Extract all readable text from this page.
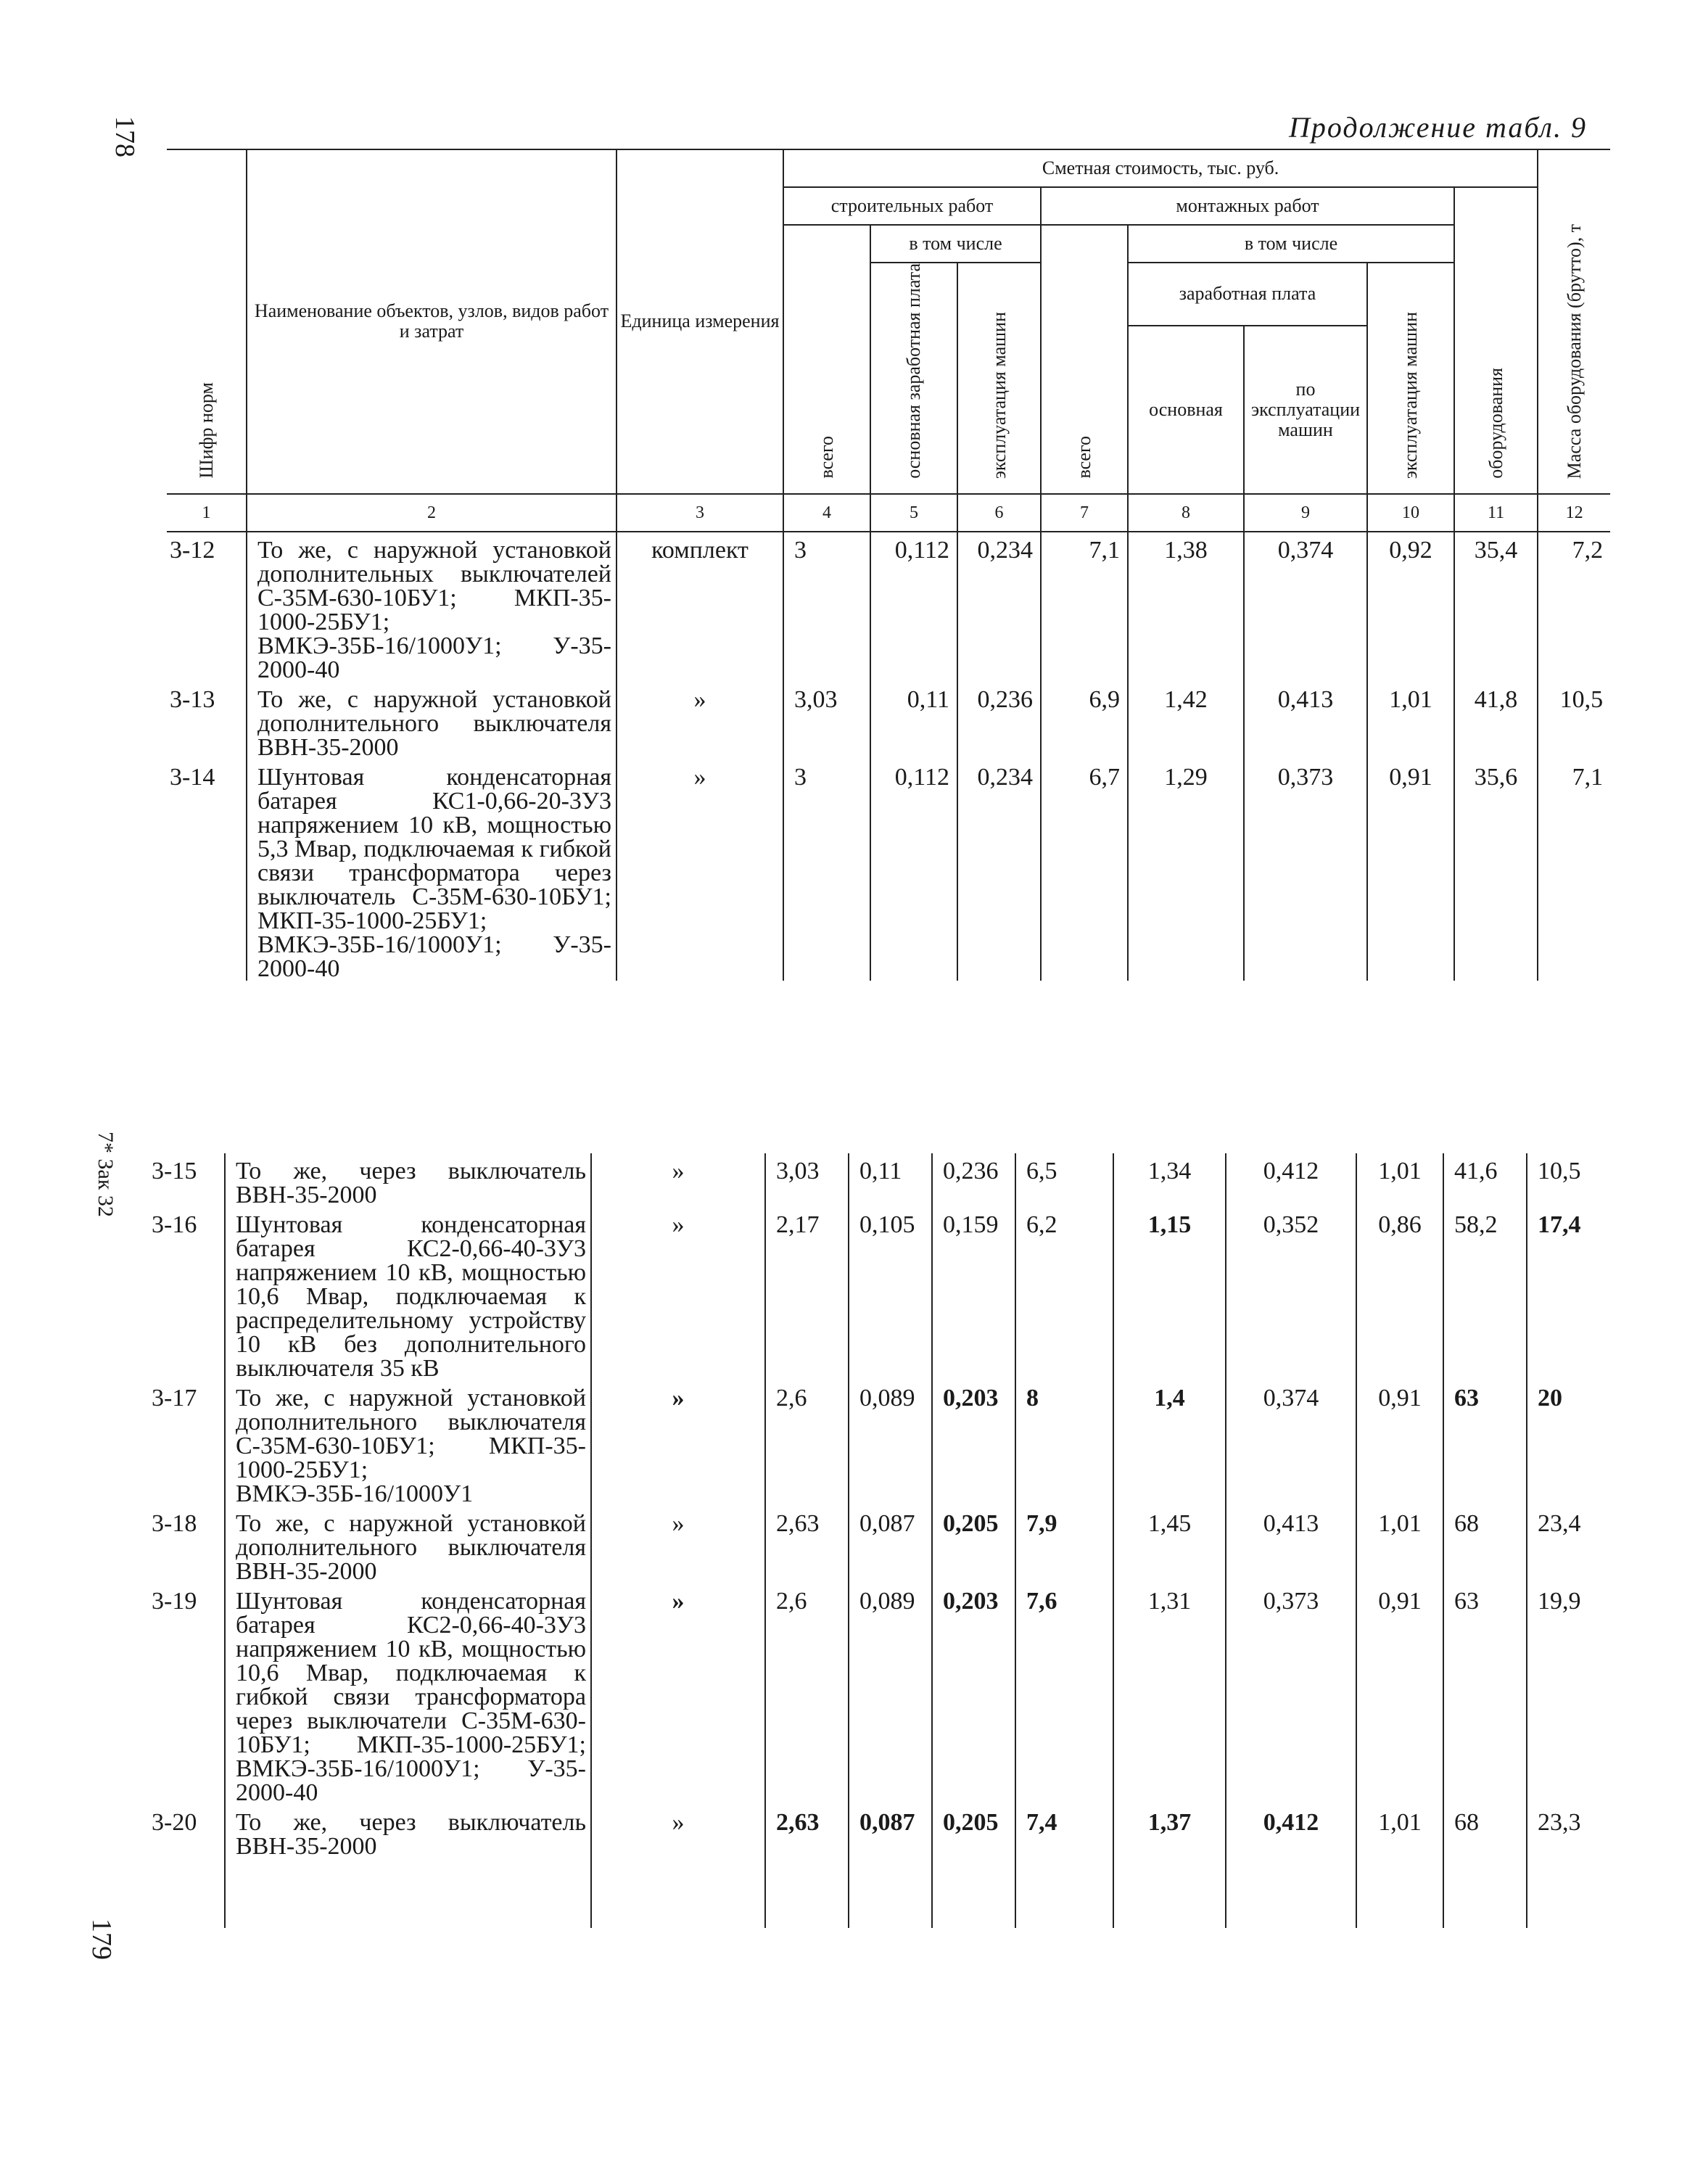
178
7* Зак 32
179
Продолжение табл. 9
Шифр норм	Наименование объектов, узлов, видов работ и затрат	Единица измерения	Сметная стоимость, тыс. руб.								Масса оборудования (брутто), т
			строительных работ			монтажных работ				оборудования	
			всего	в том числе		всего	в том числе				
				основная заработная плата	эксплуатация машин		заработная плата		эксплуатация машин		
							основная	по эксплуатации машин			
1	2	3	4	5	6	7	8	9	10	11	12
3-12	То же, с наружной установкой дополнительных выключателей С-35М-630-10БУ1; МКП-35-1000-25БУ1; ВМКЭ-35Б-16/1000У1; У-35-2000-40	комплект	3	0,112	0,234	7,1	1,38	0,374	0,92	35,4	7,2
3-13	То же, с наружной установкой дополнительного выключателя ВВН-35-2000	»	3,03	0,11	0,236	6,9	1,42	0,413	1,01	41,8	10,5
3-14	Шунтовая конденсаторная батарея КС1-0,66-20-3У3 напряжением 10 кВ, мощностью 5,3 Мвар, подключаемая к гибкой связи трансформатора через выключатель С-35М-630-10БУ1; МКП-35-1000-25БУ1; ВМКЭ-35Б-16/1000У1; У-35-2000-40	»	3	0,112	0,234	6,7	1,29	0,373	0,91	35,6	7,1
3-15	То же, через выключатель ВВН-35-2000	»	3,03	0,11	0,236	6,5	1,34	0,412	1,01	41,6	10,5
3-16	Шунтовая конденсаторная батарея КС2-0,66-40-3У3 напряжением 10 кВ, мощностью 10,6 Мвар, подключаемая к распределительному устройству 10 кВ без дополнительного выключателя 35 кВ	»	2,17	0,105	0,159	6,2	1,15	0,352	0,86	58,2	17,4
3-17	То же, с наружной установкой дополнительного выключателя С-35М-630-10БУ1; МКП-35-1000-25БУ1; ВМКЭ-35Б-16/1000У1	»	2,6	0,089	0,203	8	1,4	0,374	0,91	63	20
3-18	То же, с наружной установкой дополнительного выключателя ВВН-35-2000	»	2,63	0,087	0,205	7,9	1,45	0,413	1,01	68	23,4
3-19	Шунтовая конденсаторная батарея КС2-0,66-40-3У3 напряжением 10 кВ, мощностью 10,6 Мвар, подключаемая к гибкой связи трансформатора через выключатели С-35М-630-10БУ1; МКП-35-1000-25БУ1; ВМКЭ-35Б-16/1000У1; У-35-2000-40	»	2,6	0,089	0,203	7,6	1,31	0,373	0,91	63	19,9
3-20	То же, через выключатель ВВН-35-2000	»	2,63	0,087	0,205	7,4	1,37	0,412	1,01	68	23,3
